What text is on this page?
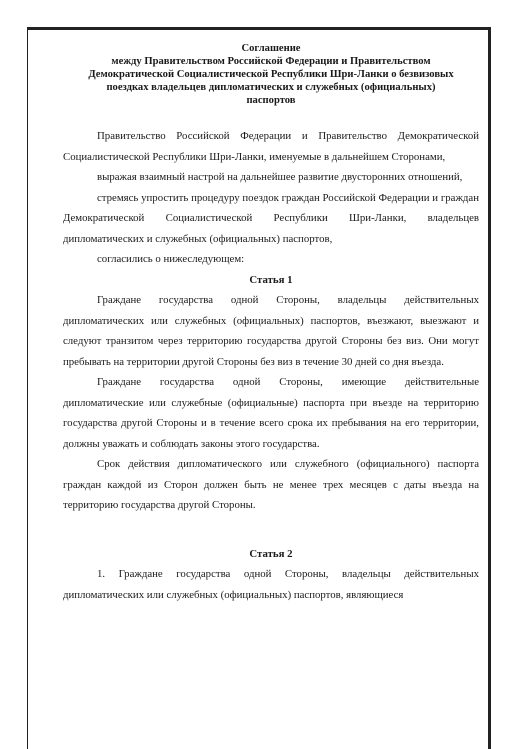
Соглашение
между Правительством Российской Федерации и Правительством
Демократической Социалистической Республики Шри-Ланки о безвизовых
поездках владельцев дипломатических и служебных (официальных)
паспортов

Правительство Российской Федерации и Правительство Демократической Социалистической Республики Шри-Ланки, именуемые в дальнейшем Сторонами,

выражая взаимный настрой на дальнейшее развитие двусторонних отношений,

стремясь упростить процедуру поездок граждан Российской Федерации и граждан Демократической Социалистической Республики Шри-Ланки, владельцев дипломатических и служебных (официальных) паспортов,

согласились о нижеследующем:

Статья 1

Граждане государства одной Стороны, владельцы действительных дипломатических или служебных (официальных) паспортов, въезжают, выезжают и следуют транзитом через территорию государства другой Стороны без виз. Они могут пребывать на территории другой Стороны без виз в течение 30 дней со дня въезда.

Граждане государства одной Стороны, имеющие действительные дипломатические или служебные (официальные) паспорта при въезде на территорию государства другой Стороны и в течение всего срока их пребывания на его территории, должны уважать и соблюдать законы этого государства.

Срок действия дипломатического или служебного (официального) паспорта граждан каждой из Сторон должен быть не менее трех месяцев с даты въезда на территорию государства другой Стороны.

Статья 2

1. Граждане государства одной Стороны, владельцы действительных дипломатических или служебных (официальных) паспортов, являющиеся
